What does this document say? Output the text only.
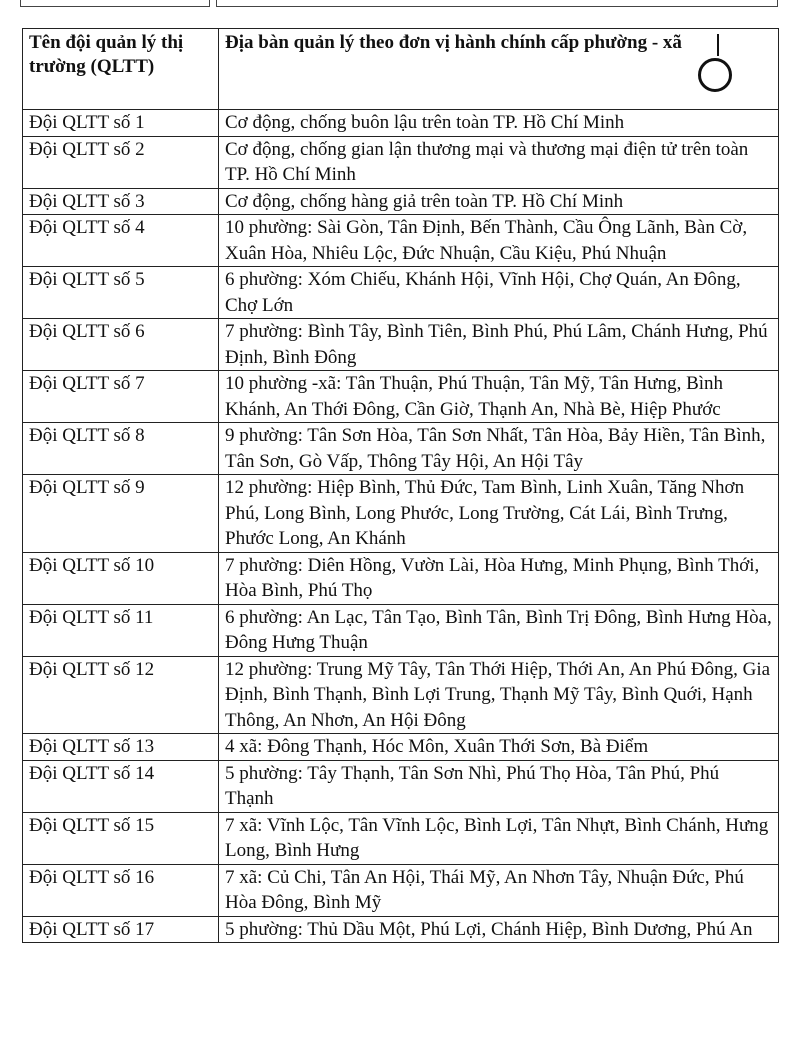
Tên đội quản lý thị trường (QLTT)	Địa bàn quản lý theo đơn vị hành chính cấp phường - xã
Đội QLTT số 1	Cơ động, chống buôn lậu trên toàn TP. Hồ Chí Minh
Đội QLTT số 2	Cơ động, chống gian lận thương mại và thương mại điện tử trên toàn TP. Hồ Chí Minh
Đội QLTT số 3	Cơ động, chống hàng giả trên toàn TP. Hồ Chí Minh
Đội QLTT số 4	10 phường: Sài Gòn, Tân Định, Bến Thành, Cầu Ông Lãnh, Bàn Cờ, Xuân Hòa, Nhiêu Lộc, Đức Nhuận, Cầu Kiệu, Phú Nhuận
Đội QLTT số 5	6 phường: Xóm Chiếu, Khánh Hội, Vĩnh Hội, Chợ Quán, An Đông, Chợ Lớn
Đội QLTT số 6	7 phường: Bình Tây, Bình Tiên, Bình Phú, Phú Lâm, Chánh Hưng, Phú Định, Bình Đông
Đội QLTT số 7	10 phường -xã: Tân Thuận, Phú Thuận, Tân Mỹ, Tân Hưng, Bình Khánh, An Thới Đông, Cần Giờ, Thạnh An, Nhà Bè, Hiệp Phước
Đội QLTT số 8	9 phường: Tân Sơn Hòa, Tân Sơn Nhất, Tân Hòa, Bảy Hiền, Tân Bình, Tân Sơn, Gò Vấp, Thông Tây Hội, An Hội Tây
Đội QLTT số 9	12 phường: Hiệp Bình, Thủ Đức, Tam Bình, Linh Xuân, Tăng Nhơn Phú, Long Bình, Long Phước, Long Trường, Cát Lái, Bình Trưng, Phước Long, An Khánh
Đội QLTT số 10	7 phường: Diên Hồng, Vườn Lài, Hòa Hưng, Minh Phụng, Bình Thới, Hòa Bình, Phú Thọ
Đội QLTT số 11	6 phường: An Lạc, Tân Tạo, Bình Tân, Bình Trị Đông, Bình Hưng Hòa, Đông Hưng Thuận
Đội QLTT số 12	12 phường: Trung Mỹ Tây, Tân Thới Hiệp, Thới An, An Phú Đông, Gia Định, Bình Thạnh, Bình Lợi Trung, Thạnh Mỹ Tây, Bình Quới, Hạnh Thông, An Nhơn, An Hội Đông
Đội QLTT số 13	4 xã: Đông Thạnh, Hóc Môn, Xuân Thới Sơn, Bà Điểm
Đội QLTT số 14	5 phường: Tây Thạnh, Tân Sơn Nhì, Phú Thọ Hòa, Tân Phú, Phú Thạnh
Đội QLTT số 15	7 xã: Vĩnh Lộc, Tân Vĩnh Lộc, Bình Lợi, Tân Nhựt, Bình Chánh, Hưng Long, Bình Hưng
Đội QLTT số 16	7 xã: Củ Chi, Tân An Hội, Thái Mỹ, An Nhơn Tây, Nhuận Đức, Phú Hòa Đông, Bình Mỹ
Đội QLTT số 17	5 phường: Thủ Dầu Một, Phú Lợi, Chánh Hiệp, Bình Dương, Phú An
